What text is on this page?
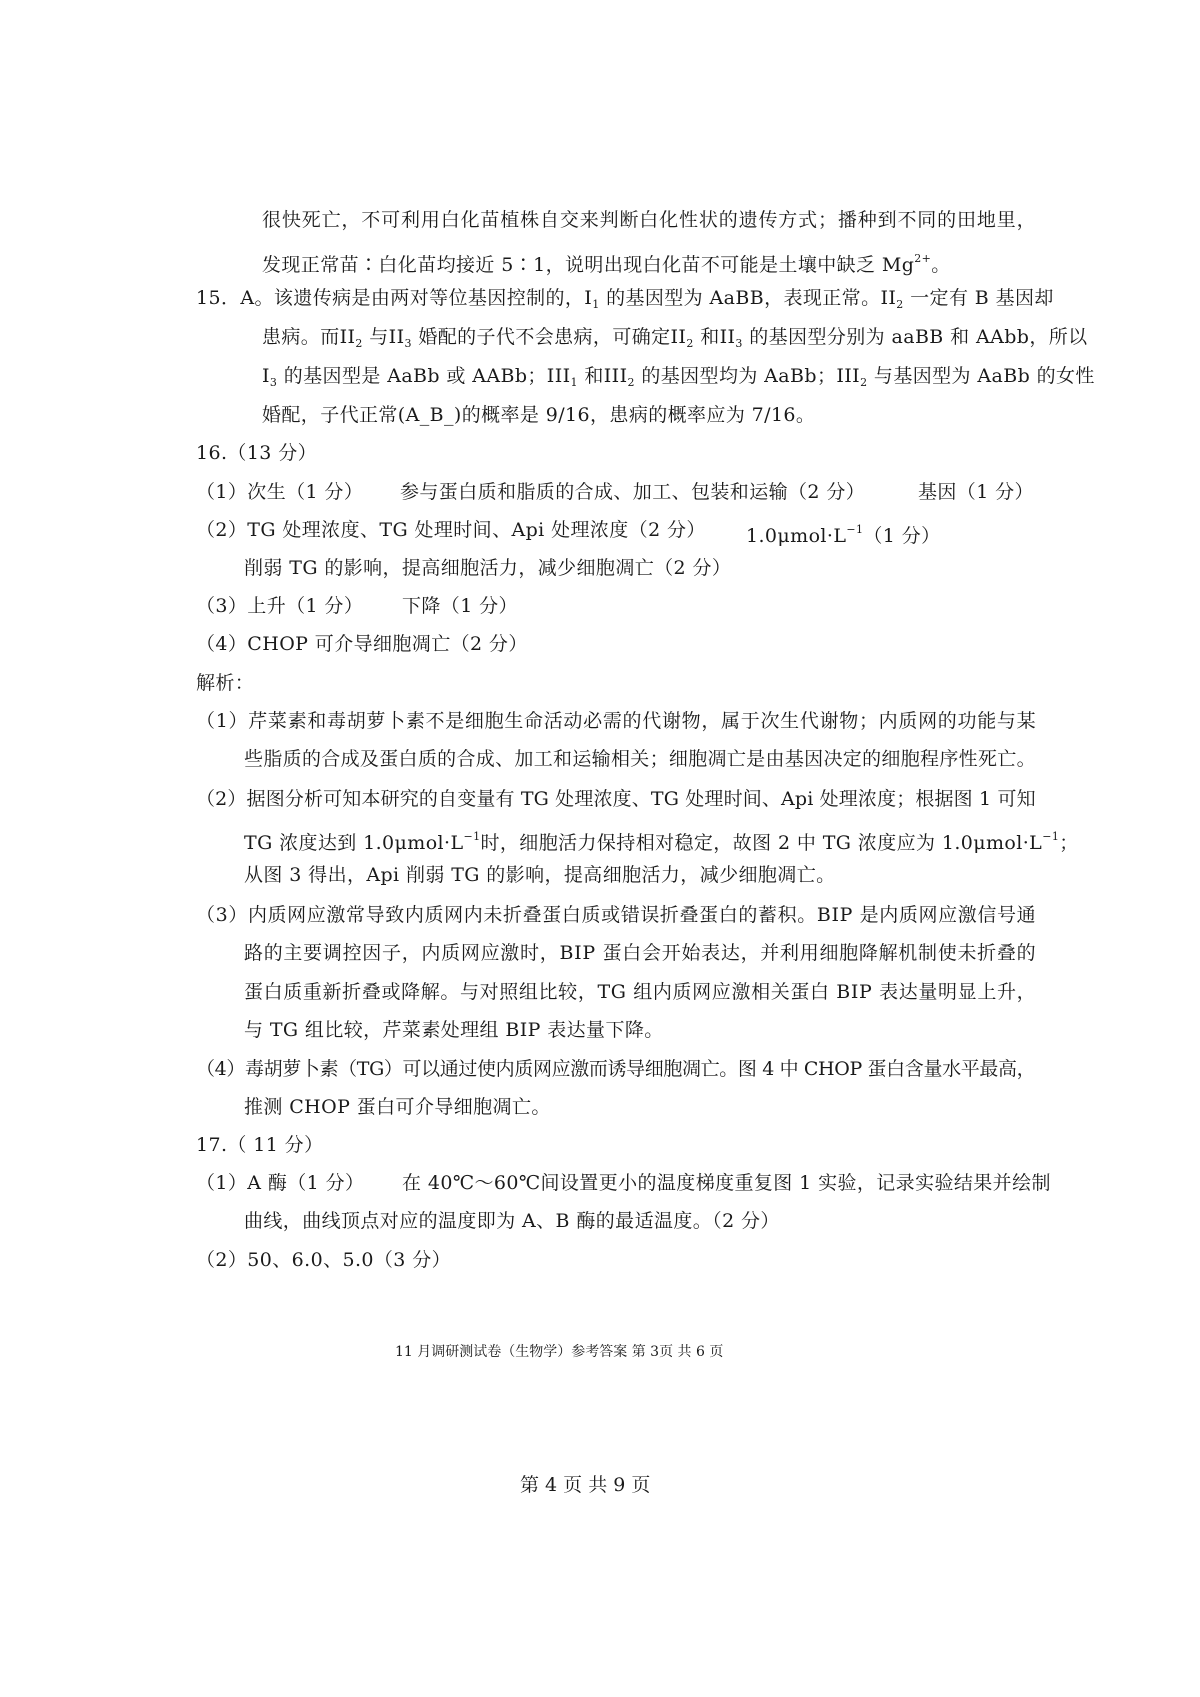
很快死亡，不可利用白化苗植株自交来判断白化性状的遗传方式；播种到不同的田地里，
发现正常苗∶白化苗均接近 5∶1，说明出现白化苗不可能是土壤中缺乏 $Mg^{2+}$。
15．A。该遗传病是由两对等位基因控制的，$I_1$ 的基因型为 AaBB，表现正常。$II_2$ 一定有 B 基因却
患病。而$II_2$ 与$II_3$ 婚配的子代不会患病，可确定$II_2$ 和$II_3$ 的基因型分别为 aaBB 和 AAbb，所以
$I_3$ 的基因型是 AaBb 或 AABb；$III_1$ 和$III_2$ 的基因型均为 AaBb；$III_2$ 与基因型为 AaBb 的女性
婚配，子代正常(A_B_)的概率是 9/16，患病的概率应为 7/16。
16.（13 分）
（1）次生（1 分） 参与蛋白质和脂质的合成、加工、包装和运输（2 分）	基因（1 分）
（2）TG 处理浓度、TG 处理时间、Api 处理浓度（2 分） $1.0\mu mol\cdot L^{-1}(1$ 分）
削弱 TG 的影响，提高细胞活力，减少细胞凋亡（2 分）
（3）上升（1 分） 下降（1 分）
（4）CHOP 可介导细胞凋亡（2 分）
解析：
（1）芹菜素和毒胡萝卜素不是细胞生命活动必需的代谢物，属于次生代谢物；内质网的功能与某
些脂质的合成及蛋白质的合成、加工和运输相关；细胞凋亡是由基因决定的细胞程序性死亡。
（2）据图分析可知本研究的自变量有 TG 处理浓度、TG 处理时间、Api 处理浓度；根据图 1 可知
TG 浓度达到 $1.0\mu mol\cdot L^{-1}$时，细胞活力保持相对稳定，故图 2 中 TG 浓度应为 $1.0\mu mol\cdot L^{-1}$；
从图 3 得出，Api 削弱 TG 的影响，提高细胞活力，减少细胞凋亡。
（3）内质网应激常导致内质网内未折叠蛋白质或错误折叠蛋白的蓄积。BIP 是内质网应激信号通
路的主要调控因子，内质网应激时，BIP 蛋白会开始表达，并利用细胞降解机制使未折叠的
蛋白质重新折叠或降解。与对照组比较，TG 组内质网应激相关蛋白 BIP 表达量明显上升，
与 TG 组比较，芹菜素处理组 BIP 表达量下降。
（4）毒胡萝卜素（TG）可以通过使内质网应激而诱导细胞凋亡。图 4 中 CHOP 蛋白含量水平最高，
推测 CHOP 蛋白可介导细胞凋亡。
17.（ 11 分）
（1）A 酶（1 分） 在 40℃～60℃间设置更小的温度梯度重复图 1 实验，记录实验结果并绘制
曲线，曲线顶点对应的温度即为 A、B 酶的最适温度。（2 分）
（2）50、6.0、5.0（3 分）
11 月调研测试卷（生物学）参考答案 第 3页 共 6 页
第 4 页 共 9 页
